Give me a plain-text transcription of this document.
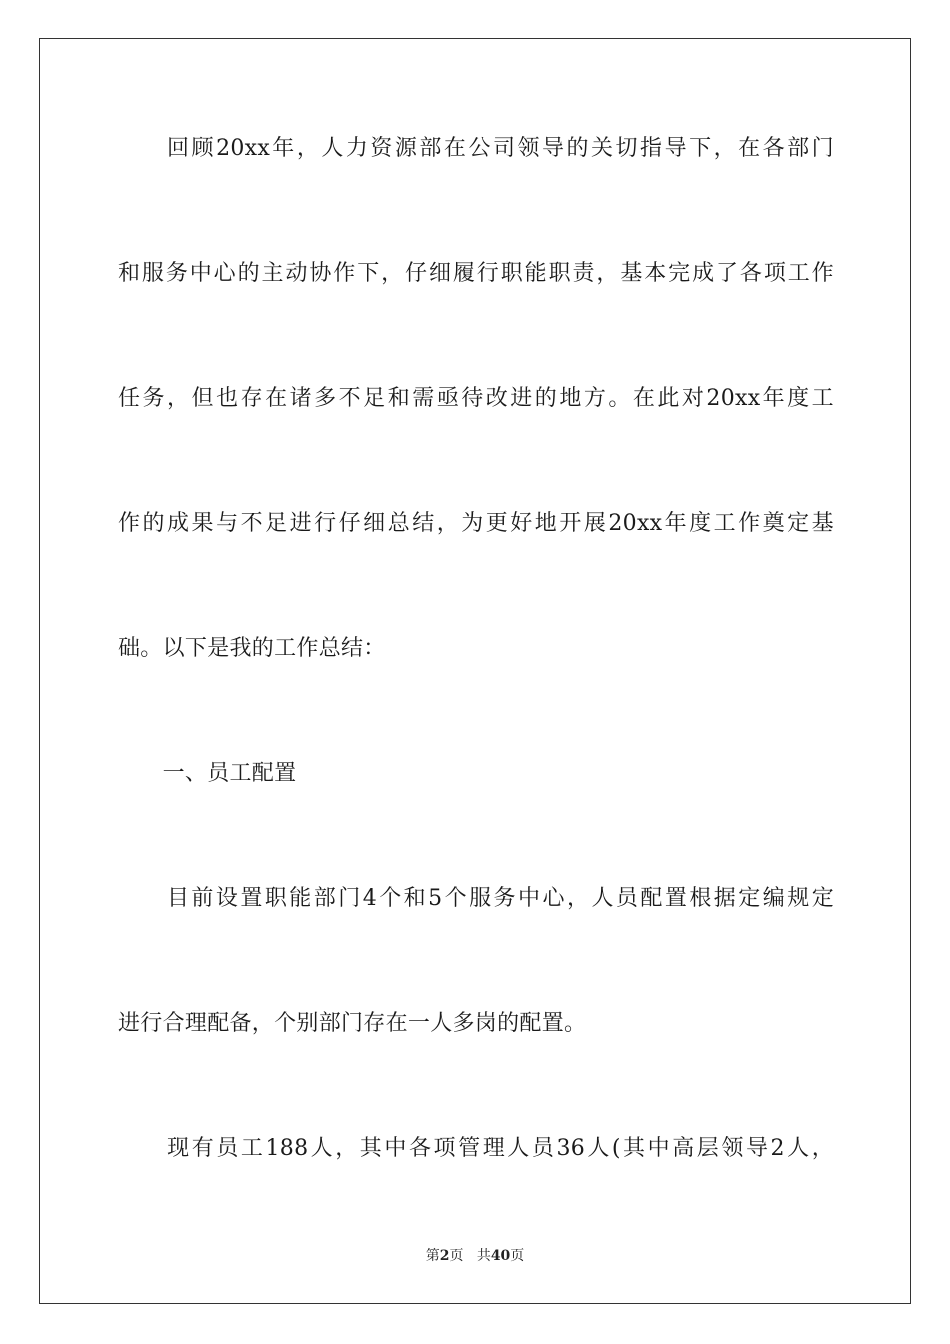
　　回顾20xx年，人力资源部在公司领导的关切指导下，在各部门
和服务中心的主动协作下，仔细履行职能职责，基本完成了各项工作
任务，但也存在诸多不足和需亟待改进的地方。在此对20xx年度工
作的成果与不足进行仔细总结，为更好地开展20xx年度工作奠定基
础。以下是我的工作总结：
　　一、员工配置
　　目前设置职能部门4个和5个服务中心，人员配置根据定编规定
进行合理配备，个别部门存在一人多岗的配置。
　　现有员工188人，其中各项管理人员36人(其中高层领导2人，
第2页 共40页
